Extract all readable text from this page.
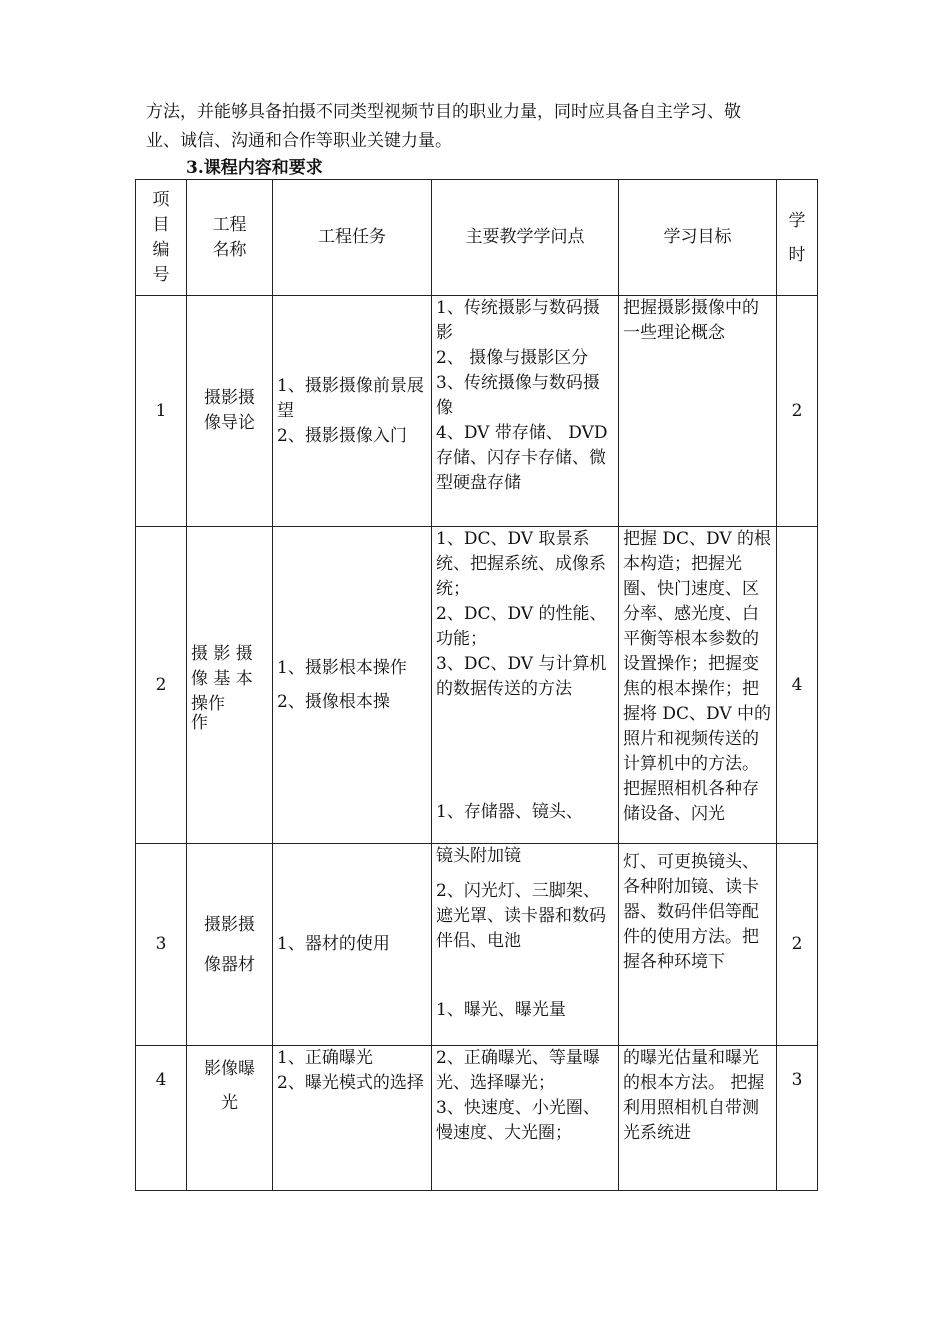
方法，并能够具备拍摄不同类型视频节目的职业力量，同时应具备自主学习、敬
业、诚信、沟通和合作等职业关键力量。
3.课程内容和要求
项
目
编
号	工程
名称	工程任务	主要教学学问点	学习目标	学
时

1	摄影摄
像导论	1、摄影摄像前景展望
2、摄影摄像入门	1、传统摄影与数码摄影
2、 摄像与摄影区分
3、传统摄像与数码摄像
4、DV 带存储、 DVD 存储、闪存卡存储、微型硬盘存储	把握摄影摄像中的一些理论概念	2
2	摄 影 摄
像 基 本
操作
作	1、摄影根本操作
2、摄像根本操	1、DC、DV 取景系统、把握系统、成像系统；
2、DC、DV 的性能、功能；
3、DC、DV 与计算机的数据传送的方法
1、存储器、镜头、	把握 DC、DV 的根本构造；把握光圈、快门速度、区分率、感光度、白平衡等根本参数的设置操作；把握变焦的根本操作；把握将 DC、DV 中的照片和视频传送的计算机中的方法。把握照相机各种存储设备、闪光	4
3	摄影摄
像器材	1、器材的使用	镜头附加镜
2、闪光灯、三脚架、遮光罩、读卡器和数码伴侣、电池
1、曝光、曝光量	灯、可更换镜头、各种附加镜、读卡器、数码伴侣等配件的使用方法。把握各种环境下	2
4	影像曝
光	1、正确曝光
2、曝光模式的选择	2、正确曝光、等量曝光、选择曝光；
3、快速度、小光圈、慢速度、大光圈；	的曝光估量和曝光的根本方法。 把握利用照相机自带测光系统进	3
